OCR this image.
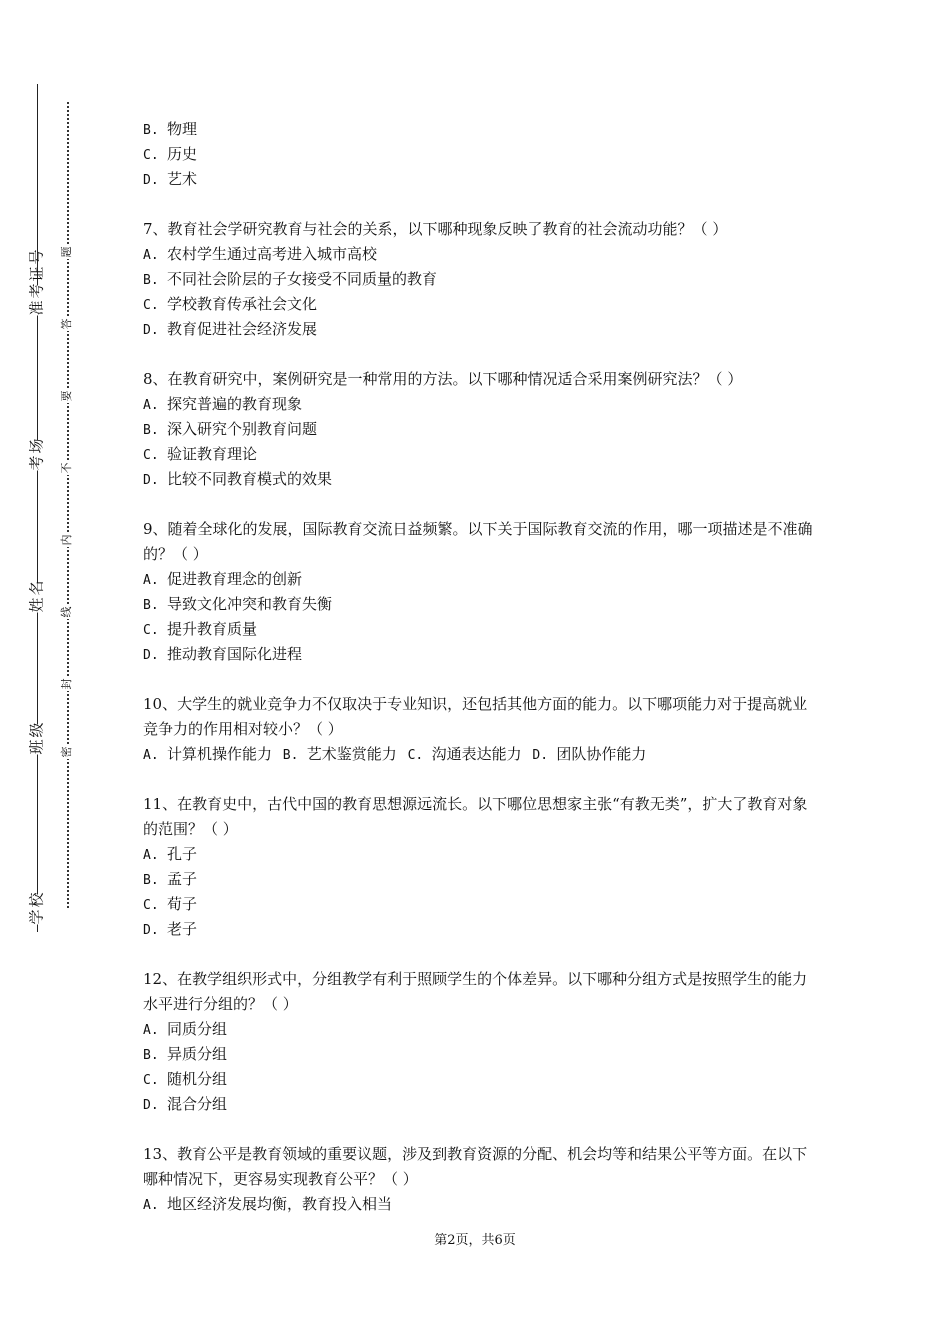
准考证号
考场
姓名
班级
学校
题
答
要
不
内
线
封
密
B. 物理
C. 历史
D. 艺术
7、教育社会学研究教育与社会的关系，以下哪种现象反映了教育的社会流动功能？（ ）
A. 农村学生通过高考进入城市高校
B. 不同社会阶层的子女接受不同质量的教育
C. 学校教育传承社会文化
D. 教育促进社会经济发展
8、在教育研究中，案例研究是一种常用的方法。以下哪种情况适合采用案例研究法？（ ）
A. 探究普遍的教育现象
B. 深入研究个别教育问题
C. 验证教育理论
D. 比较不同教育模式的效果
9、随着全球化的发展，国际教育交流日益频繁。以下关于国际教育交流的作用，哪一项描述是不准确的？（ ）
A. 促进教育理念的创新
B. 导致文化冲突和教育失衡
C. 提升教育质量
D. 推动教育国际化进程
10、大学生的就业竞争力不仅取决于专业知识，还包括其他方面的能力。以下哪项能力对于提高就业竞争力的作用相对较小？（ ）
A. 计算机操作能力 B. 艺术鉴赏能力 C. 沟通表达能力 D. 团队协作能力
11、在教育史中，古代中国的教育思想源远流长。以下哪位思想家主张“有教无类”，扩大了教育对象的范围？（ ）
A. 孔子
B. 孟子
C. 荀子
D. 老子
12、在教学组织形式中，分组教学有利于照顾学生的个体差异。以下哪种分组方式是按照学生的能力水平进行分组的？（ ）
A. 同质分组
B. 异质分组
C. 随机分组
D. 混合分组
13、教育公平是教育领域的重要议题，涉及到教育资源的分配、机会均等和结果公平等方面。在以下哪种情况下，更容易实现教育公平？（ ）
A. 地区经济发展均衡，教育投入相当
第2页，共6页
